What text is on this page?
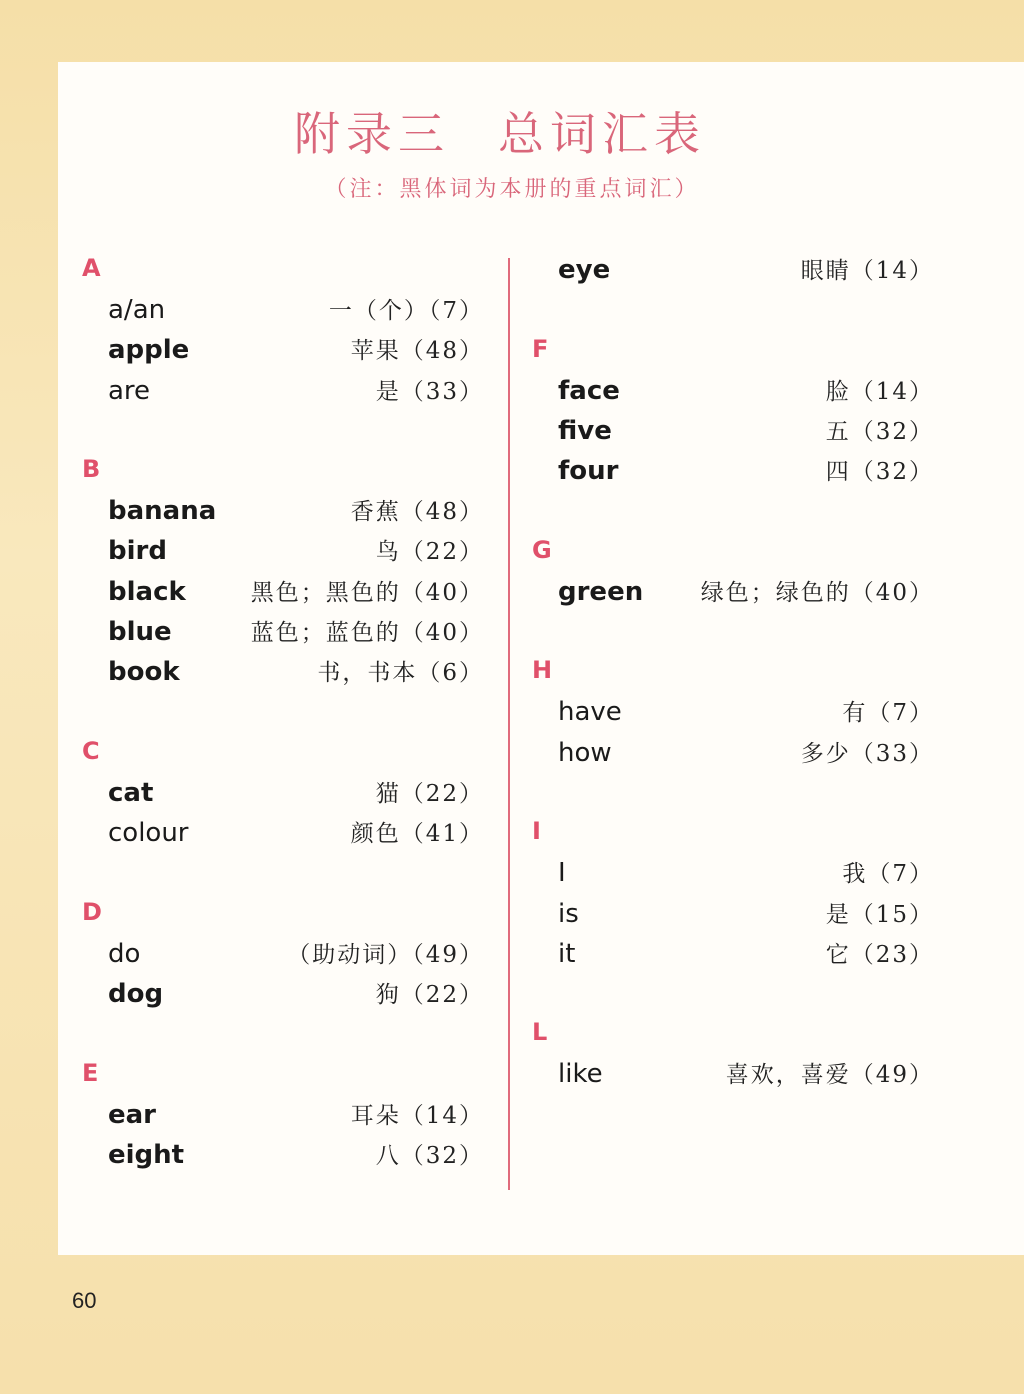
附录三 总词汇表
（注：黑体词为本册的重点词汇）
A
a/an	一（个）（7）
apple	苹果（48）
are	是（33）
B
banana	香蕉（48）
bird	鸟（22）
black	黑色；黑色的（40）
blue	蓝色；蓝色的（40）
book	书，书本（6）
C
cat	猫（22）
colour	颜色（41）
D
do	（助动词）（49）
dog	狗（22）
E
ear	耳朵（14）
eight	八（32）
eye	眼睛（14）
F
face	脸（14）
five	五（32）
four	四（32）
G
green	绿色；绿色的（40）
H
have	有（7）
how	多少（33）
I
I	我（7）
is	是（15）
it	它（23）
L
like	喜欢，喜爱（49）
60
